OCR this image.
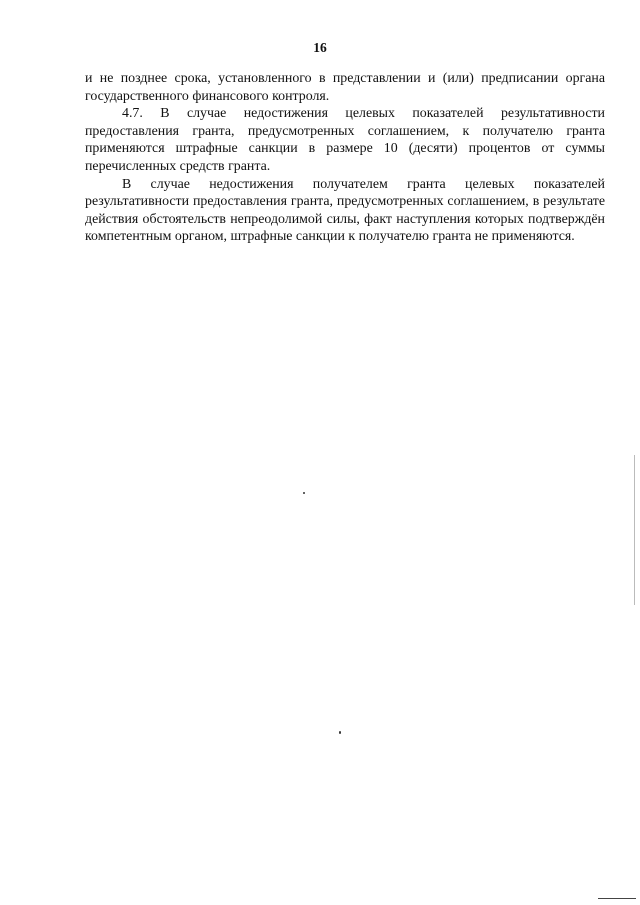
16

и не позднее срока, установленного в представлении и (или) предписании органа государственного финансового контроля.

4.7. В случае недостижения целевых показателей результативности предоставления гранта, предусмотренных соглашением, к получателю гранта применяются штрафные санкции в размере 10 (десяти) процентов от суммы перечисленных средств гранта.

В случае недостижения получателем гранта целевых показателей результативности предоставления гранта, предусмотренных соглашением, в результате действия обстоятельств непреодолимой силы, факт наступления которых подтверждён компетентным органом, штрафные санкции к получателю гранта не применяются.
